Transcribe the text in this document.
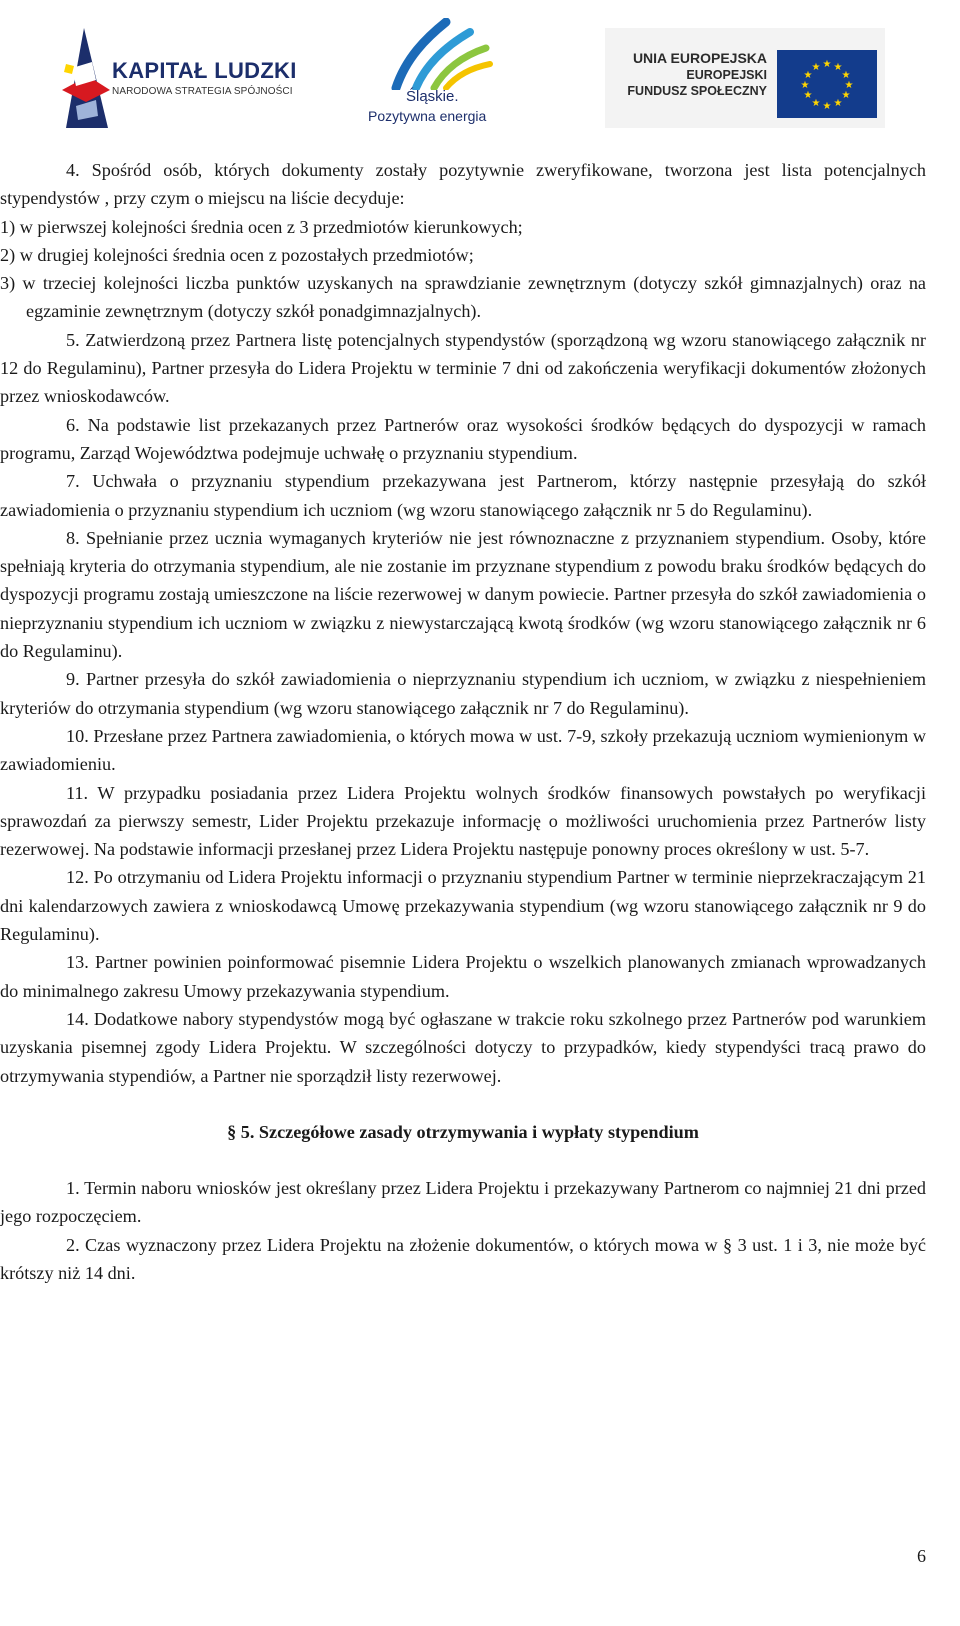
KAPITAŁ LUDZKI
NARODOWA STRATEGIA SPÓJNOŚCI	Śląskie.
Pozytywna energia
UNIA EUROPEJSKA
EUROPEJSKI
FUNDUSZ SPOŁECZNY
★ ★
★
★
★
★
★
★
★
★
★
★

4. Spośród osób, których dokumenty zostały pozytywnie zweryfikowane, tworzona jest lista potencjalnych stypendystów , przy czym o miejscu na liście decyduje:

1) w pierwszej kolejności średnia ocen z 3 przedmiotów kierunkowych;

2) w drugiej kolejności średnia ocen z pozostałych przedmiotów;

3) w trzeciej kolejności liczba punktów uzyskanych na sprawdzianie zewnętrznym (dotyczy szkół gimnazjalnych) oraz na egzaminie zewnętrznym (dotyczy szkół ponadgimnazjalnych).

5. Zatwierdzoną przez Partnera listę potencjalnych stypendystów (sporządzoną wg wzoru stanowiącego załącznik nr 12 do Regulaminu), Partner przesyła do Lidera Projektu w terminie 7 dni od zakończenia weryfikacji dokumentów złożonych przez wnioskodawców.

6. Na podstawie list przekazanych przez Partnerów oraz wysokości środków będących do dyspozycji w ramach programu, Zarząd Województwa podejmuje uchwałę o przyznaniu stypendium.

7. Uchwała o przyznaniu stypendium przekazywana jest Partnerom, którzy następnie przesyłają do szkół zawiadomienia o przyznaniu stypendium ich uczniom (wg wzoru stanowiącego załącznik nr 5 do Regulaminu).

8. Spełnianie przez ucznia wymaganych kryteriów nie jest równoznaczne z przyznaniem stypendium. Osoby, które spełniają kryteria do otrzymania stypendium, ale nie zostanie im przyznane stypendium z powodu braku środków będących do dyspozycji programu zostają umieszczone na liście rezerwowej w danym powiecie. Partner przesyła do szkół zawiadomienia o nieprzyznaniu stypendium ich uczniom w związku z niewystarczającą kwotą środków (wg wzoru stanowiącego załącznik nr 6 do Regulaminu).

9. Partner przesyła do szkół zawiadomienia o nieprzyznaniu stypendium ich uczniom, w związku z niespełnieniem kryteriów do otrzymania stypendium (wg wzoru stanowiącego załącznik nr 7 do Regulaminu).

10. Przesłane przez Partnera zawiadomienia, o których mowa w ust. 7-9, szkoły przekazują uczniom wymienionym w zawiadomieniu.

11. W przypadku posiadania przez Lidera Projektu wolnych środków finansowych powstałych po weryfikacji sprawozdań za pierwszy semestr, Lider Projektu przekazuje informację o możliwości uruchomienia przez Partnerów listy rezerwowej. Na podstawie informacji przesłanej przez Lidera Projektu następuje ponowny proces określony w ust. 5-7.

12. Po otrzymaniu od Lidera Projektu informacji o przyznaniu stypendium Partner w terminie nieprzekraczającym 21 dni kalendarzowych zawiera z wnioskodawcą Umowę przekazywania stypendium (wg wzoru stanowiącego załącznik nr 9 do Regulaminu).

13. Partner powinien poinformować pisemnie Lidera Projektu o wszelkich planowanych zmianach wprowadzanych do minimalnego zakresu Umowy przekazywania stypendium.

14. Dodatkowe nabory stypendystów mogą być ogłaszane w trakcie roku szkolnego przez Partnerów pod warunkiem uzyskania pisemnej zgody Lidera Projektu. W szczególności dotyczy to przypadków, kiedy stypendyści tracą prawo do otrzymywania stypendiów, a Partner nie sporządził listy rezerwowej.

§ 5. Szczegółowe zasady otrzymywania i wypłaty stypendium

1. Termin naboru wniosków jest określany przez Lidera Projektu i przekazywany Partnerom co najmniej 21 dni przed jego rozpoczęciem.

2. Czas wyznaczony przez Lidera Projektu na złożenie dokumentów, o których mowa w § 3 ust. 1 i 3, nie może być krótszy niż 14 dni.

6
